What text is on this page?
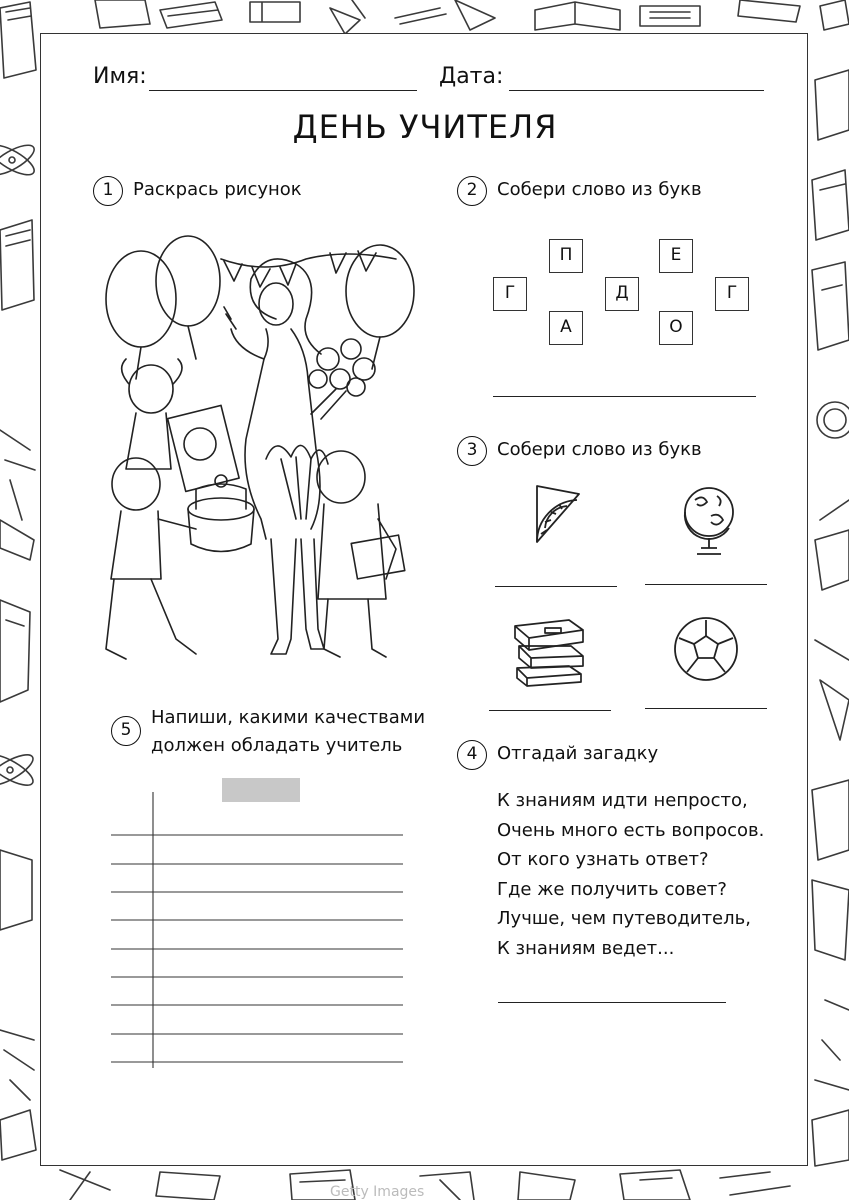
Getty Images
Имя:	Дата:
ДЕНЬ УЧИТЕЛЯ
1	Раскрась рисунок	2	Собери слово из букв
П	Е
Г	Д	Г
А	О
3	Собери слово из букв
4	Отгадай загадку
К знаниям идти непросто,
Очень много есть вопросов.
От кого узнать ответ?
Где же получить совет?
Лучше, чем путеводитель,
К знаниям ведет...
5
Напиши, какими качествами
должен обладать учитель
